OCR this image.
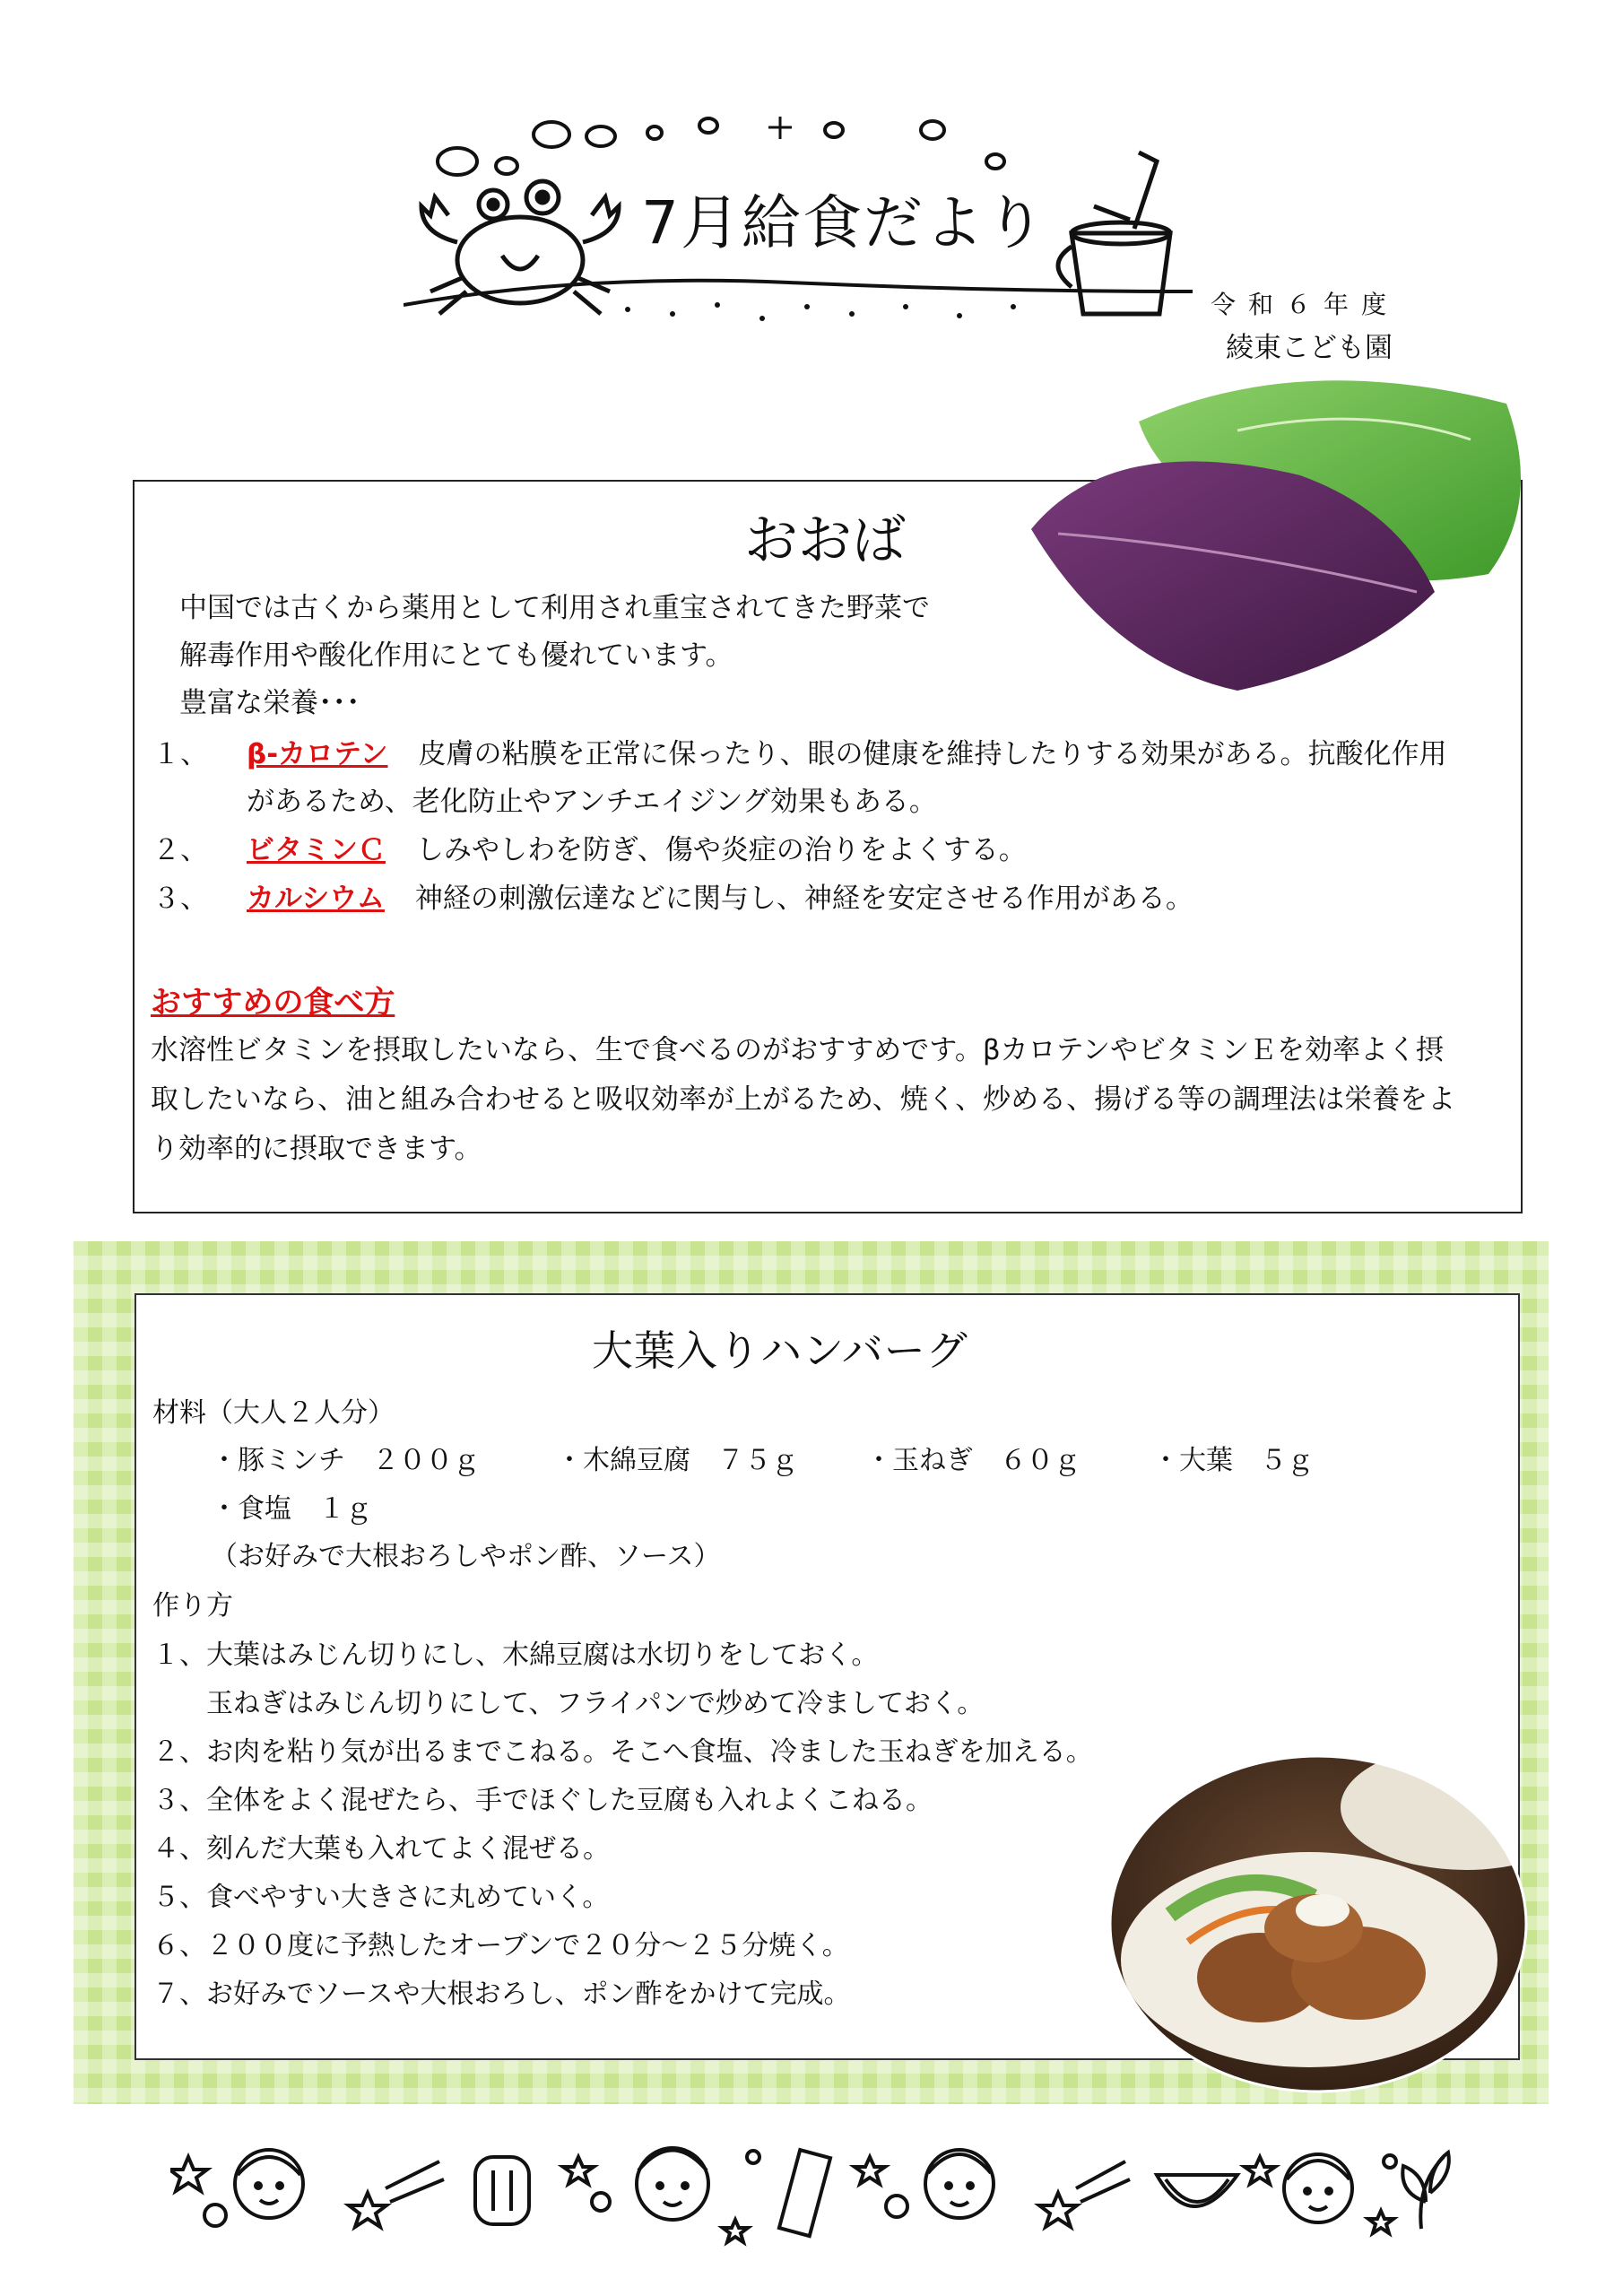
7月給食だより
令和６年度
綾東こども園
おおば
中国では古くから薬用として利用され重宝されてきた野菜で
解毒作用や酸化作用にとても優れています。
豊富な栄養･･･
１、 β-カロテン 皮膚の粘膜を正常に保ったり、眼の健康を維持したりする効果がある。抗酸化作用
があるため、老化防止やアンチエイジング効果もある。
２、 ビタミンＣ しみやしわを防ぎ、傷や炎症の治りをよくする。
３、 カルシウム 神経の刺激伝達などに関与し、神経を安定させる作用がある。
おすすめの食べ方
水溶性ビタミンを摂取したいなら、生で食べるのがおすすめです。βカロテンやビタミンＥを効率よく摂
取したいなら、油と組み合わせると吸収効率が上がるため、焼く、炒める、揚げる等の調理法は栄養をよ
り効率的に摂取できます。
大葉入りハンバーグ
材料（大人２人分）
・豚ミンチ　２００ｇ	・木綿豆腐　７５ｇ	・玉ねぎ　６０ｇ	・大葉　５ｇ
・食塩　１ｇ
（お好みで大根おろしやポン酢、ソース）
作り方
１、大葉はみじん切りにし、木綿豆腐は水切りをしておく。
　　玉ねぎはみじん切りにして、フライパンで炒めて冷ましておく。
２、お肉を粘り気が出るまでこねる。そこへ食塩、冷ました玉ねぎを加える。
３、全体をよく混ぜたら、手でほぐした豆腐も入れよくこねる。
４、刻んだ大葉も入れてよく混ぜる。
５、食べやすい大きさに丸めていく。
６、２００度に予熱したオーブンで２０分～２５分焼く。
７、お好みでソースや大根おろし、ポン酢をかけて完成。
